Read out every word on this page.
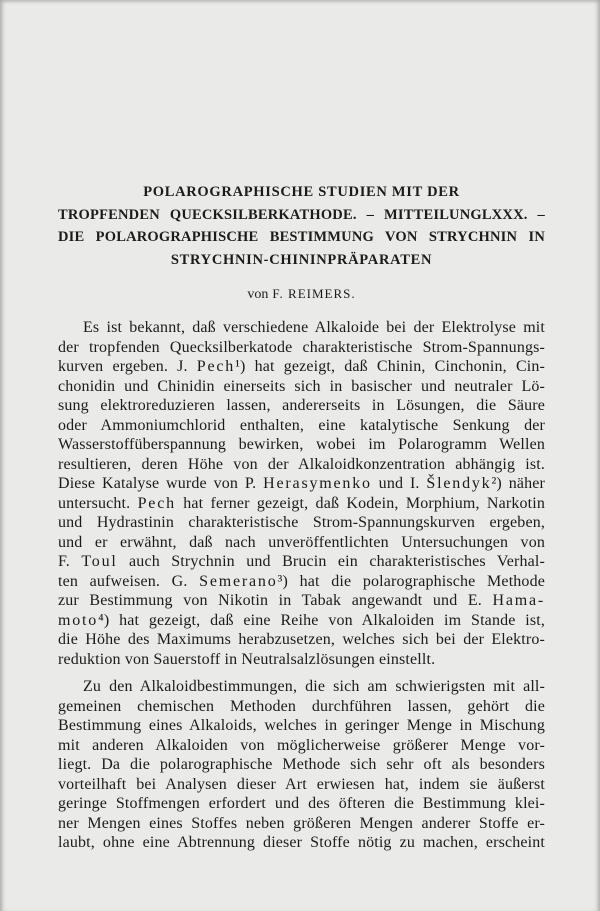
POLAROGRAPHISCHE STUDIEN MIT DER
TROPFENDEN QUECKSILBERKATHODE. – MITTEILUNGLXXX. –
DIE POLAROGRAPHISCHE BESTIMMUNG VON STRYCHNIN IN
STRYCHNIN-CHININPRÄPARATEN
von F. REIMERS.
Es ist bekannt, daß verschiedene Alkaloide bei der Elektrolyse mit
der tropfenden Quecksilberkatode charakteristische Strom-Spannungs-
kurven ergeben. J. Pech¹) hat gezeigt, daß Chinin, Cinchonin, Cin-
chonidin und Chinidin einerseits sich in basischer und neutraler Lö-
sung elektroreduzieren lassen, andererseits in Lösungen, die Säure
oder Ammoniumchlorid enthalten, eine katalytische Senkung der
Wasserstoffüberspannung bewirken, wobei im Polarogramm Wellen
resultieren, deren Höhe von der Alkaloidkonzentration abhängig ist.
Diese Katalyse wurde von P. Herasymenko und I. Šlendyk²) näher
untersucht. Pech hat ferner gezeigt, daß Kodein, Morphium, Narkotin
und Hydrastinin charakteristische Strom-Spannungskurven ergeben,
und er erwähnt, daß nach unveröffentlichten Untersuchungen von
F. Toul auch Strychnin und Brucin ein charakteristisches Verhal-
ten aufweisen. G. Semerano³) hat die polarographische Methode
zur Bestimmung von Nikotin in Tabak angewandt und E. Hama-
moto⁴) hat gezeigt, daß eine Reihe von Alkaloiden im Stande ist,
die Höhe des Maximums herabzusetzen, welches sich bei der Elektro-
reduktion von Sauerstoff in Neutralsalzlösungen einstellt.
Zu den Alkaloidbestimmungen, die sich am schwierigsten mit all-
gemeinen chemischen Methoden durchführen lassen, gehört die
Bestimmung eines Alkaloids, welches in geringer Menge in Mischung
mit anderen Alkaloiden von möglicherweise größerer Menge vor-
liegt. Da die polarographische Methode sich sehr oft als besonders
vorteilhaft bei Analysen dieser Art erwiesen hat, indem sie äußerst
geringe Stoffmengen erfordert und des öfteren die Bestimmung klei-
ner Mengen eines Stoffes neben größeren Mengen anderer Stoffe er-
laubt, ohne eine Abtrennung dieser Stoffe nötig zu machen, erscheint
